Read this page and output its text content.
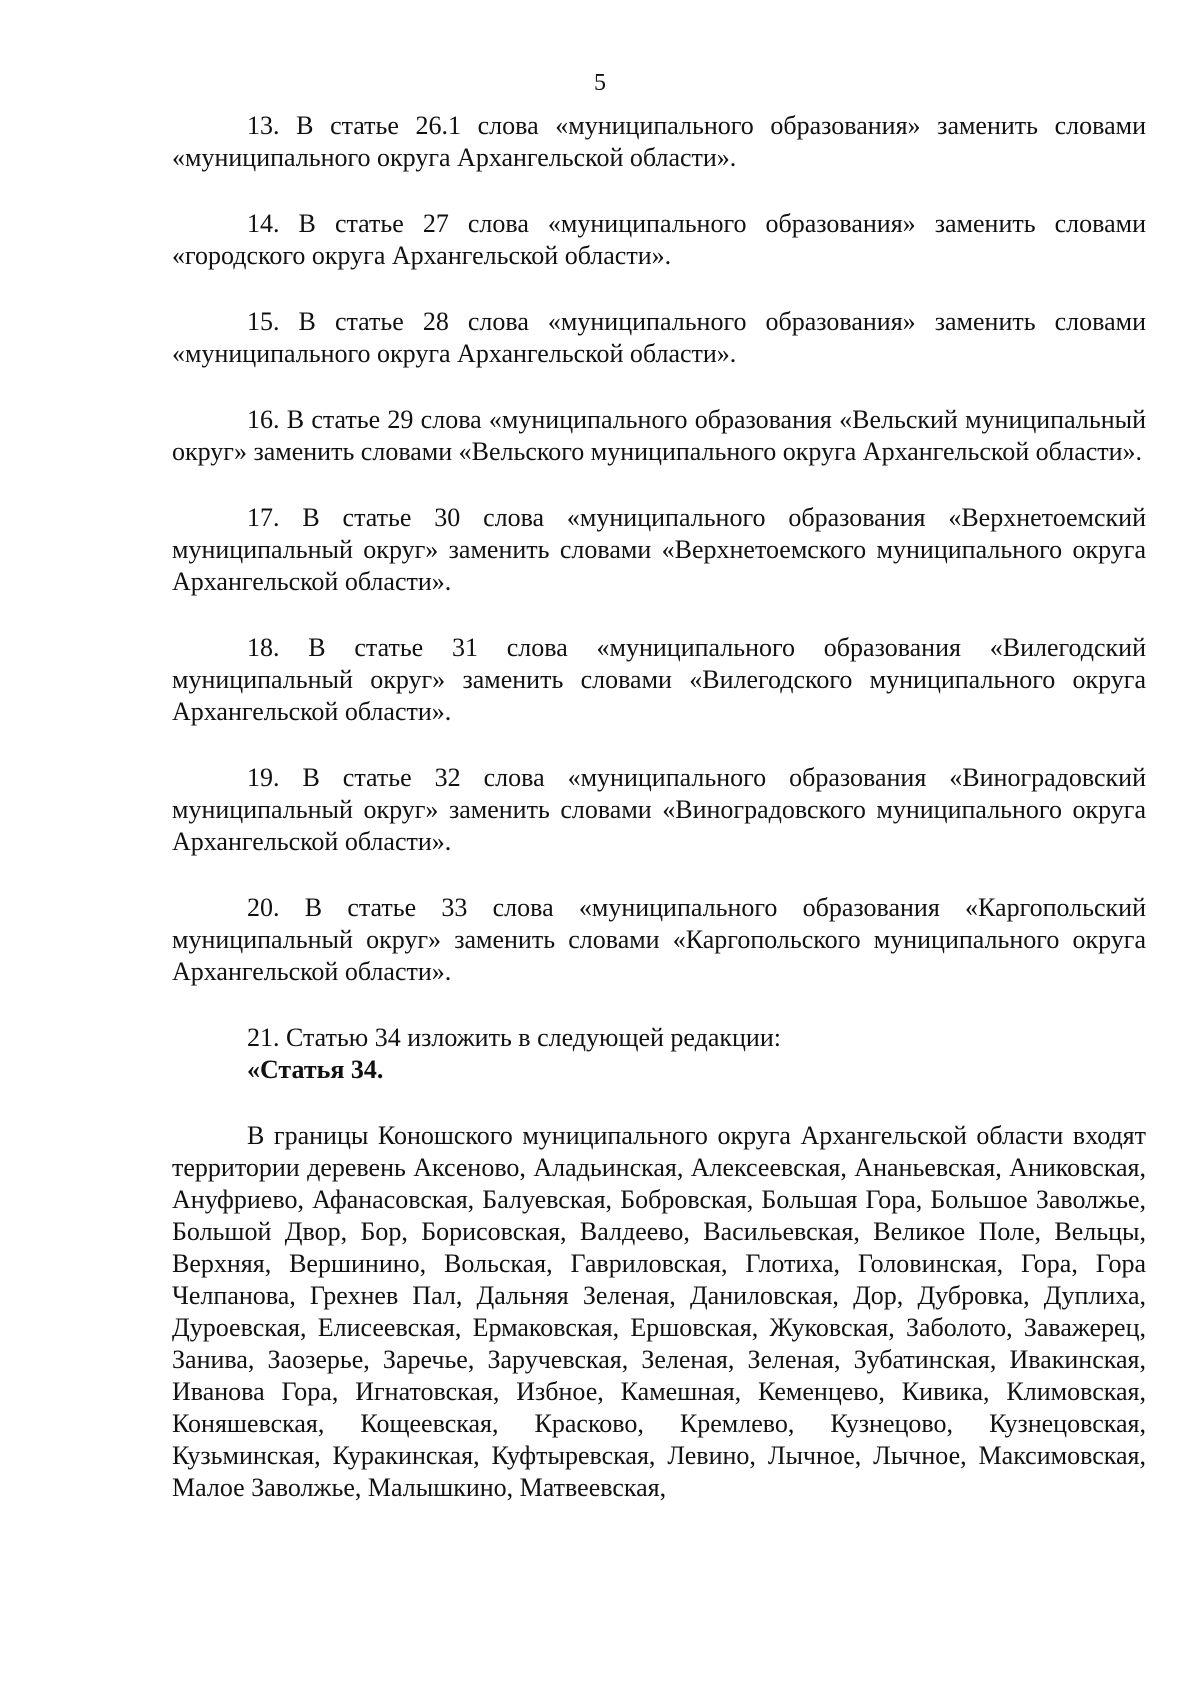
5

13. В статье 26.1 слова «муниципального образования» заменить словами «муниципального округа Архангельской области».

14. В статье 27 слова «муниципального образования» заменить словами «городского округа Архангельской области».

15. В статье 28 слова «муниципального образования» заменить словами «муниципального округа Архангельской области».

16. В статье 29 слова «муниципального образования «Вельский муниципальный округ» заменить словами «Вельского муниципального округа Архангельской области».

17. В статье 30 слова «муниципального образования «Верхнетоемский муниципальный округ» заменить словами «Верхнетоемского муниципального округа Архангельской области».

18. В статье 31 слова «муниципального образования «Вилегодский муниципальный округ» заменить словами «Вилегодского муниципального округа Архангельской области».

19. В статье 32 слова «муниципального образования «Виноградовский муниципальный округ» заменить словами «Виноградовского муниципального округа Архангельской области».

20. В статье 33 слова «муниципального образования «Каргопольский муниципальный округ» заменить словами «Каргопольского муниципального округа Архангельской области».

21. Статью 34 изложить в следующей редакции:

«Статья 34.

В границы Коношского муниципального округа Архангельской области входят территории деревень Аксеново, Аладьинская, Алексеевская, Ананьевская, Аниковская, Ануфриево, Афанасовская, Балуевская, Бобровская, Большая Гора, Большое Заволжье, Большой Двор, Бор, Борисовская, Валдеево, Васильевская, Великое Поле, Вельцы, Верхняя, Вершинино, Вольская, Гавриловская, Глотиха, Головинская, Гора, Гора Челпанова, Грехнев Пал, Дальняя Зеленая, Даниловская, Дор, Дубровка, Дуплиха, Дуроевская, Елисеевская, Ермаковская, Ершовская, Жуковская, Заболото, Заважерец, Занива, Заозерье, Заречье, Заручевская, Зеленая, Зеленая, Зубатинская, Ивакинская, Иванова Гора, Игнатовская, Избное, Камешная, Кеменцево, Кивика, Климовская, Коняшевская, Кощеевская, Красково, Кремлево, Кузнецово, Кузнецовская, Кузьминская, Куракинская, Куфтыревская, Левино, Лычное, Лычное, Максимовская, Малое Заволжье, Малышкино, Матвеевская,
